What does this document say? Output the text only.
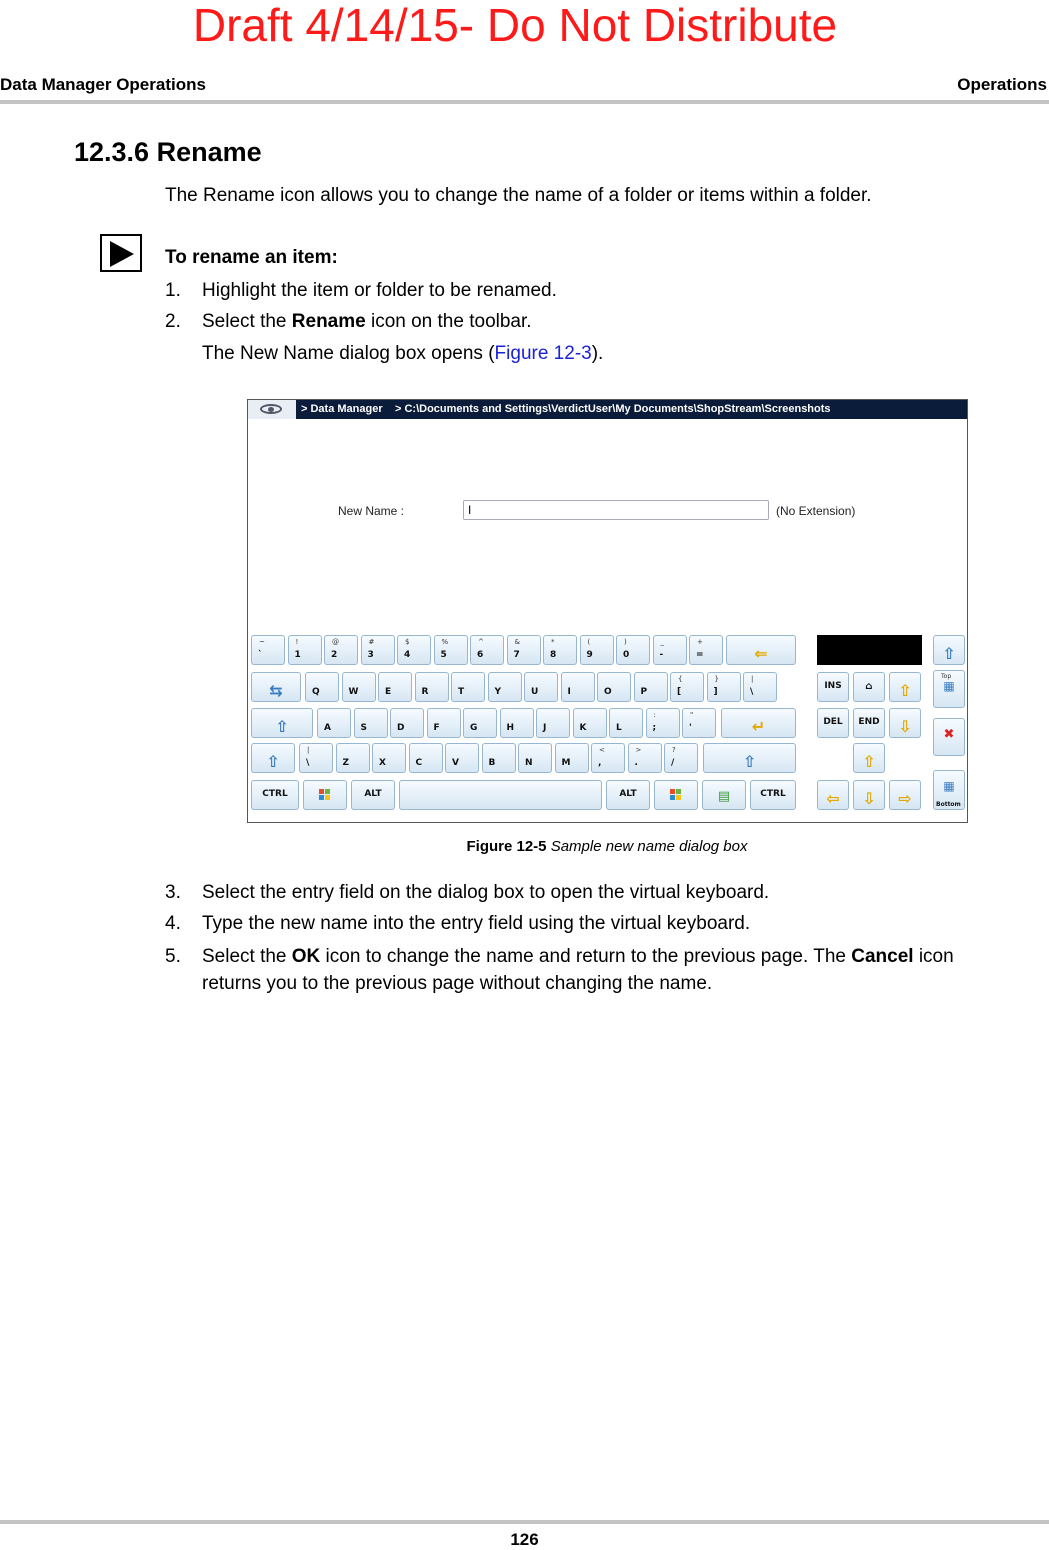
Draft 4/14/15- Do Not Distribute
Data Manager Operations	Operations
12.3.6 Rename
The Rename icon allows you to change the name of a folder or items within a folder.
To rename an item:
1. Highlight the item or folder to be renamed.
2. Select the Rename icon on the toolbar.
The New Name dialog box opens (Figure 12-3).
> Data Manager > C:\Documents and Settings\VerdictUser\My Documents\ShopStream\Screenshots
New Name :	I	(No Extension)
~
`
!
1
@
2
#
3
$
4
%
5
^
6
&
7
*
8
(
9
)
0
_
-
+
=	⇐
⇆	Q	W	E	R	T	Y	U	I	O	P
{
[
}
]
|
\
⇧	A	S	D	F	G	H	J	K	L
:
;
"
'	↵
⇧
|
\	Z	X	C	V	B	N	M
<
,
>
.
?
/	⇧
CTRL	ALT	ALT	▤	CTRL
INS	⌂	⇧
DEL	END	⇩
⇧
⇦	⇩	⇨
⇧
▦
Top
✖
▦
Bottom
Figure 12-5 Sample new name dialog box
3. Select the entry field on the dialog box to open the virtual keyboard.
4. Type the new name into the entry field using the virtual keyboard.
5. Select the OK icon to change the name and return to the previous page. The Cancel icon
returns you to the previous page without changing the name.
126
